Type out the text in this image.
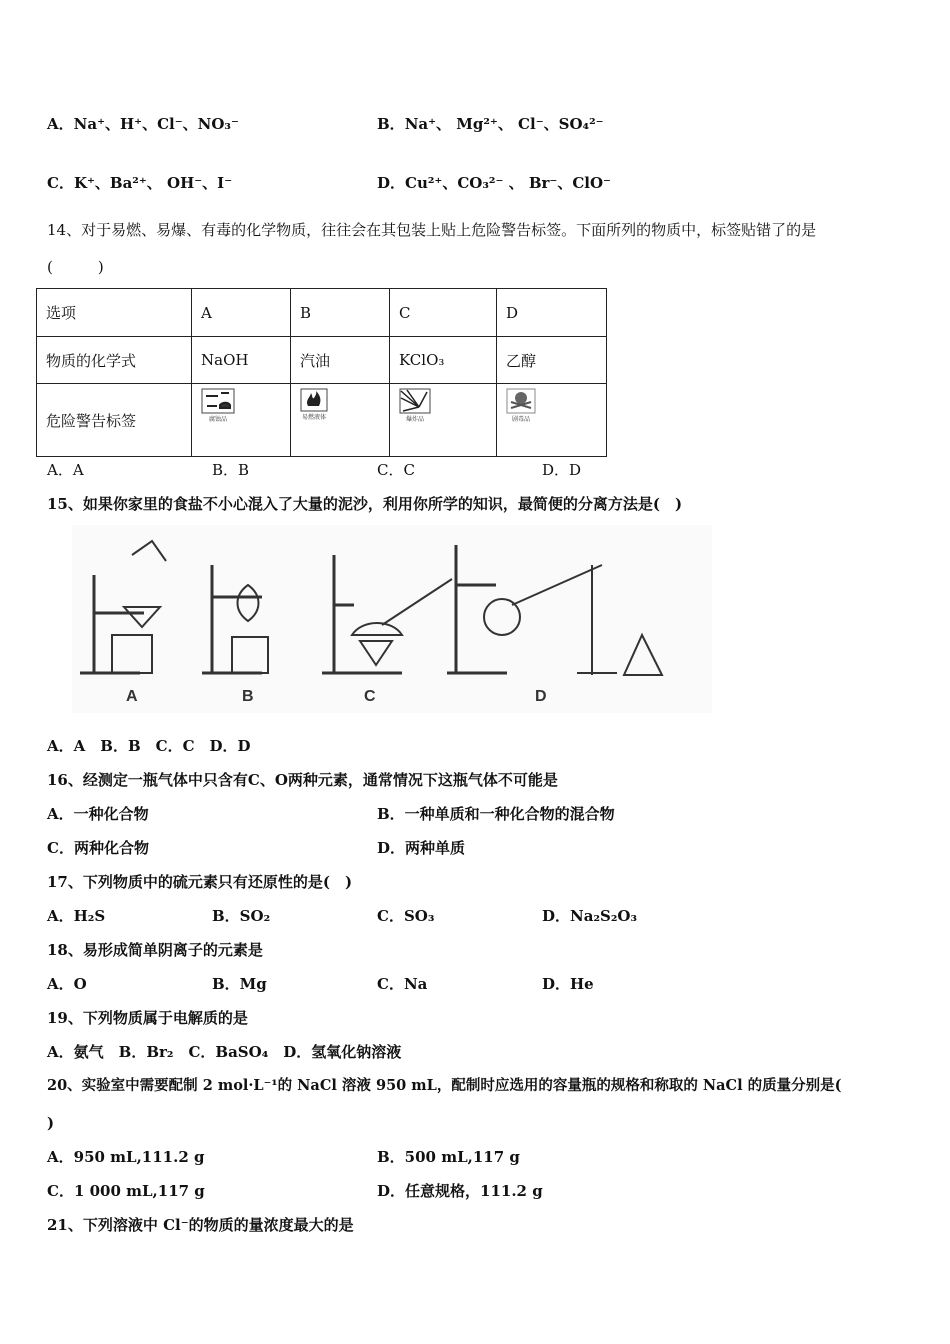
A．Na⁺、H⁺、Cl⁻、NO₃⁻	B．Na⁺、 Mg²⁺、 Cl⁻、SO₄²⁻
C．K⁺、Ba²⁺、 OH⁻、I⁻	D．Cu²⁺、CO₃²⁻ 、 Br⁻、ClO⁻
14、对于易燃、易爆、有毒的化学物质，往往会在其包装上贴上危险警告标签。下面所列的物质中，标签贴错了的是
(　　　)
选项	A	B	C	D
物质的化学式	NaOH	汽油	KClO₃	乙醇
危险警告标签	腐蚀品	易燃液体	爆炸品	剧毒品
A．A	B．B	C．C	D．D
15、如果你家里的食盐不小心混入了大量的泥沙，利用你所学的知识，最简便的分离方法是(　)
A	B	C	D
A．A　B．B　C．C　D．D
16、经测定一瓶气体中只含有C、O两种元素，通常情况下这瓶气体不可能是
A．一种化合物	B．一种单质和一种化合物的混合物
C．两种化合物	D．两种单质
17、下列物质中的硫元素只有还原性的是(　)
A．H₂S	B．SO₂	C．SO₃	D．Na₂S₂O₃
18、易形成简单阴离子的元素是
A．O	B．Mg	C．Na	D．He
19、下列物质属于电解质的是
A．氨气　B．Br₂　C．BaSO₄　D．氢氧化钠溶液
20、实验室中需要配制 2 mol·L⁻¹的 NaCl 溶液 950 mL，配制时应选用的容量瓶的规格和称取的 NaCl 的质量分别是(
)
A．950 mL,111.2 g	B．500 mL,117 g
C．1 000 mL,117 g	D．任意规格，111.2 g
21、下列溶液中 Cl⁻的物质的量浓度最大的是
